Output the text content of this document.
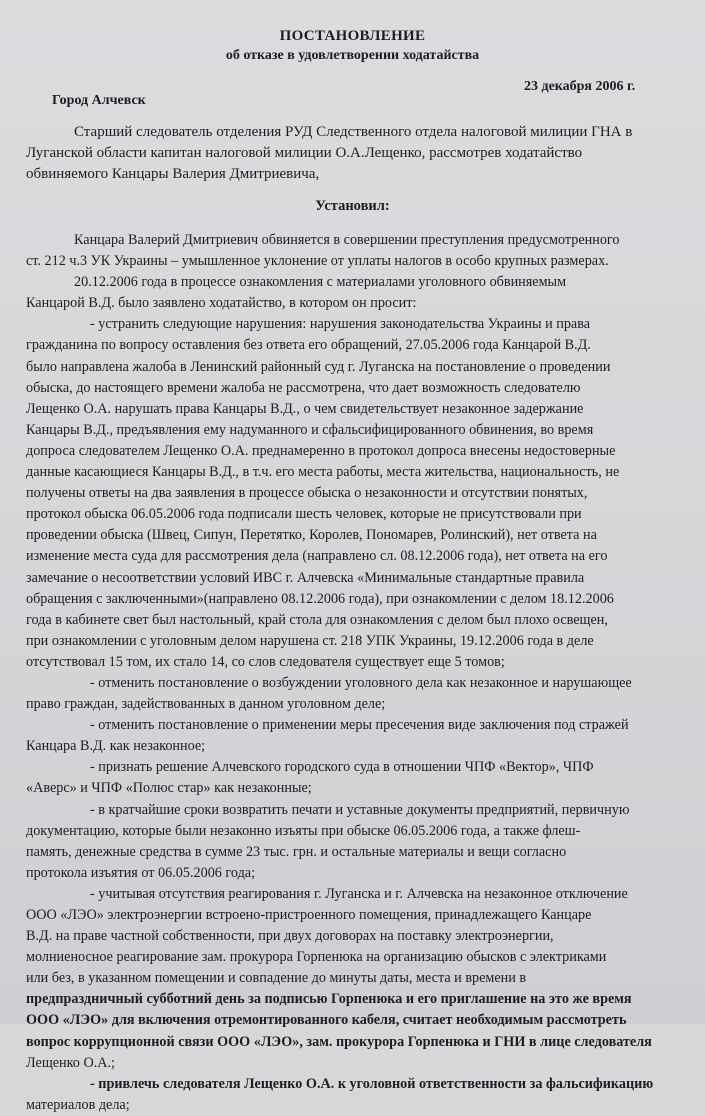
ПОСТАНОВЛЕНИЕ
об отказе в удовлетворении ходатайства
23 декабря 2006 г.
Город Алчевск
Старший следователь отделения РУД Следственного отдела налоговой милиции ГНА в
Луганской области капитан налоговой милиции О.А.Лещенко, рассмотрев ходатайство
обвиняемого Канцары Валерия Дмитриевича,
Установил:
Канцара Валерий Дмитриевич обвиняется в совершении преступления предусмотренного
ст. 212 ч.3 УК Украины – умышленное уклонение от уплаты налогов в особо крупных размерах.
20.12.2006 года в процессе ознакомления с материалами уголовного обвиняемым
Канцарой В.Д. было заявлено ходатайство, в котором он просит:
- устранить следующие нарушения: нарушения законодательства Украины и права
гражданина по вопросу оставления без ответа его обращений, 27.05.2006 года Канцарой В.Д.
было направлена жалоба в Ленинский районный суд г. Луганска на постановление о проведении
обыска, до настоящего времени жалоба не рассмотрена, что дает возможность следователю
Лещенко О.А. нарушать права Канцары В.Д., о чем свидетельствует незаконное задержание
Канцары В.Д., предъявления ему надуманного и сфальсифицированного обвинения, во время
допроса следователем Лещенко О.А. преднамеренно в протокол допроса внесены недостоверные
данные касающиеся Канцары В.Д., в т.ч. его места работы, места жительства, национальность, не
получены ответы на два заявления в процессе обыска о незаконности и отсутствии понятых,
протокол обыска 06.05.2006 года подписали шесть человек, которые не присутствовали при
проведении обыска (Швец, Сипун, Перетятко, Королев, Пономарев, Ролинский), нет ответа на
изменение места суда для рассмотрения дела (направлено сл. 08.12.2006 года), нет ответа на его
замечание о несоответствии условий ИВС г. Алчевска «Минимальные стандартные правила
обращения с заключенными»(направлено 08.12.2006 года), при ознакомлении с делом 18.12.2006
года в кабинете свет был настольный, край стола для ознакомления с делом был плохо освещен,
при ознакомлении с уголовным делом нарушена ст. 218 УПК Украины, 19.12.2006 года в деле
отсутствовал 15 том, их стало 14, со слов следователя существует еще 5 томов;
- отменить постановление о возбуждении уголовного дела как незаконное и нарушающее
право граждан, задействованных в данном уголовном деле;
- отменить постановление о применении меры пресечения виде заключения под стражей
Канцара В.Д. как незаконное;
- признать решение Алчевского городского суда в отношении ЧПФ «Вектор», ЧПФ
«Аверс» и ЧПФ «Полюс стар» как незаконные;
- в кратчайшие сроки возвратить печати и уставные документы предприятий, первичную
документацию, которые были незаконно изъяты при обыске 06.05.2006 года, а также флеш-
память, денежные средства в сумме 23 тыс. грн. и остальные материалы и вещи согласно
протокола изъятия от 06.05.2006 года;
- учитывая отсутствия реагирования г. Луганска и г. Алчевска на незаконное отключение
ООО «ЛЭО» электроэнергии встроено-пристроенного помещения, принадлежащего Канцаре
В.Д. на праве частной собственности, при двух договорах на поставку электроэнергии,
молниеносное реагирование зам. прокурора Горпенюка на организацию обысков с электриками
или без, в указанном помещении и совпадение до минуты даты, места и времени в
предпраздничный субботний день за подписью Горпенюка и его приглашение на это же время
ООО «ЛЭО» для включения отремонтированного кабеля, считает необходимым рассмотреть
вопрос коррупционной связи ООО «ЛЭО», зам. прокурора Горпенюка и ГНИ в лице следователя
Лещенко О.А.;
- привлечь следователя Лещенко О.А. к уголовной ответственности за фальсификацию
материалов дела;
